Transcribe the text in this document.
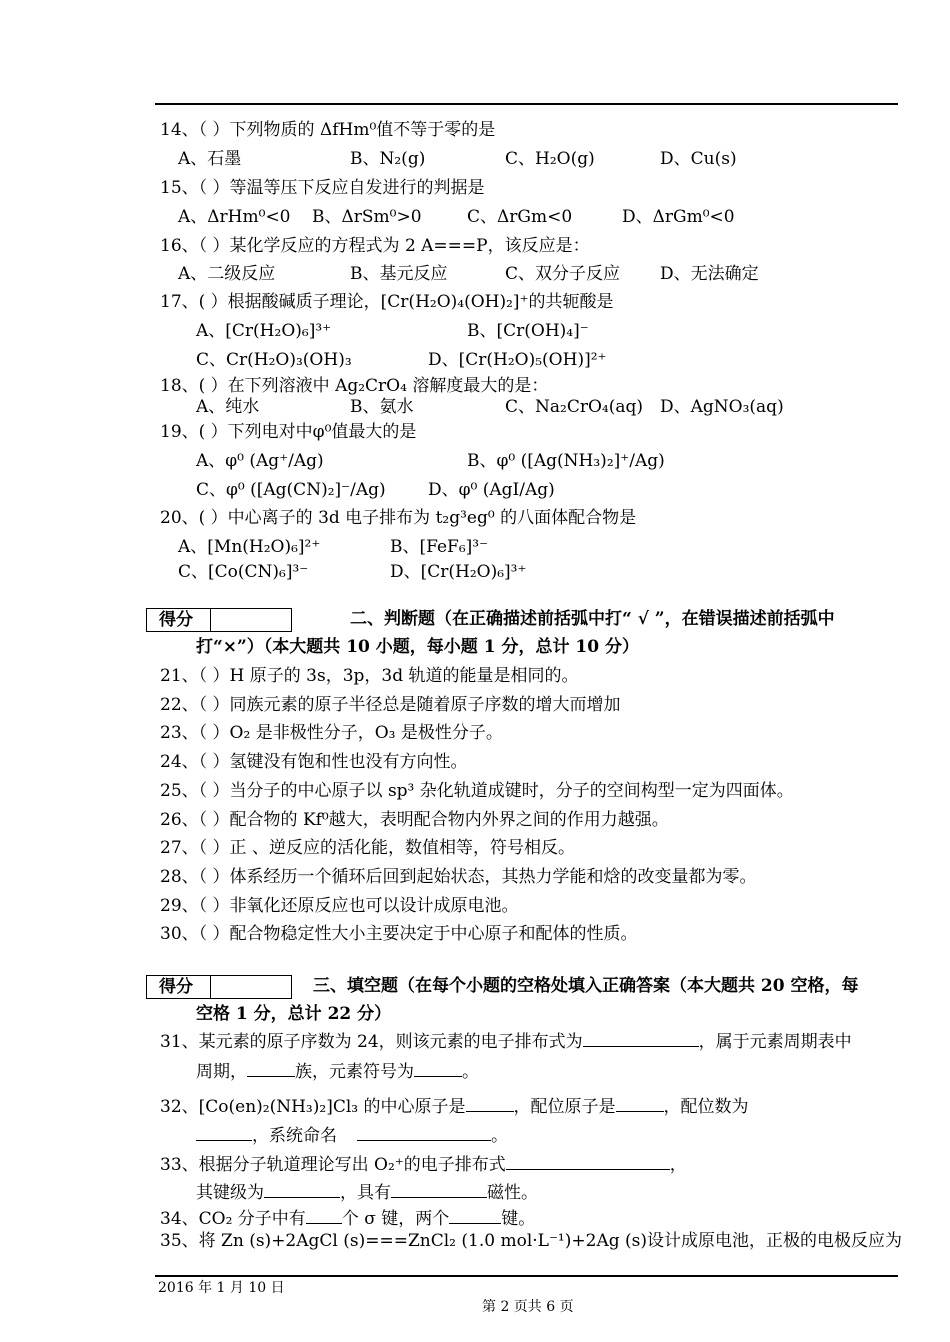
14、（ ）下列物质的 ΔfHm⁰值不等于零的是
A、石墨	B、N₂(g)	C、H₂O(g)	D、Cu(s)
15、（ ）等温等压下反应自发进行的判据是
A、ΔrHm⁰<0 B、ΔrSm⁰>0	C、ΔrGm<0	D、ΔrGm⁰<0
16、（ ）某化学反应的方程式为 2 A===P，该反应是：
A、二级反应	B、基元反应	C、双分子反应 D、无法确定
17、( ）根据酸碱质子理论，[Cr(H₂O)₄(OH)₂]⁺的共轭酸是
A、[Cr(H₂O)₆]³⁺	B、[Cr(OH)₄]⁻
C、Cr(H₂O)₃(OH)₃	D、[Cr(H₂O)₅(OH)]²⁺
18、( ）在下列溶液中 Ag₂CrO₄ 溶解度最大的是：
A、纯水	B、氨水	C、Na₂CrO₄(aq) D、AgNO₃(aq)
19、( ）下列电对中φ⁰值最大的是
A、φ⁰ (Ag⁺/Ag)	B、φ⁰ ([Ag(NH₃)₂]⁺/Ag)
C、φ⁰ ([Ag(CN)₂]⁻/Ag) D、φ⁰ (AgI/Ag)
20、( ）中心离子的 3d 电子排布为 t₂g³eg⁰ 的八面体配合物是
A、[Mn(H₂O)₆]²⁺	B、[FeF₆]³⁻
C、[Co(CN)₆]³⁻	D、[Cr(H₂O)₆]³⁺
得分	二、判断题（在正确描述前括弧中打“ √ ”，在错误描述前括弧中
打“×”）（本大题共 10 小题，每小题 1 分，总计 10 分）
21、（ ）H 原子的 3s，3p，3d 轨道的能量是相同的。
22、（ ）同族元素的原子半径总是随着原子序数的增大而增加
23、（ ）O₂ 是非极性分子，O₃ 是极性分子。
24、（ ）氢键没有饱和性也没有方向性。
25、（ ）当分子的中心原子以 sp³ 杂化轨道成键时，分子的空间构型一定为四面体。
26、（ ）配合物的 Kf⁰越大，表明配合物内外界之间的作用力越强。
27、（ ）正 、逆反应的活化能，数值相等，符号相反。
28、（ ）体系经历一个循环后回到起始状态，其热力学能和焓的改变量都为零。
29、（ ）非氧化还原反应也可以设计成原电池。
30、（ ）配合物稳定性大小主要决定于中心原子和配体的性质。
得分	三、填空题（在每个小题的空格处填入正确答案（本大题共 20 空格，每
空格 1 分，总计 22 分）
31、某元素的原子序数为 24，则该元素的电子排布式为	，属于元素周期表中
周期，	族，元素符号为	。
32、[Co(en)₂(NH₃)₂]Cl₃ 的中心原子是	，配位原子是	，配位数为
，系统命名	。
33、根据分子轨道理论写出 O₂⁺的电子排布式	，
其键级为	，具有	磁性。
34、CO₂ 分子中有 个 σ 键，两个	键。
35、将 Zn (s)+2AgCl (s)===ZnCl₂ (1.0 mol·L⁻¹)+2Ag (s)设计成原电池，正极的电极反应为
2016 年 1 月 10 日
第 2 页共 6 页
